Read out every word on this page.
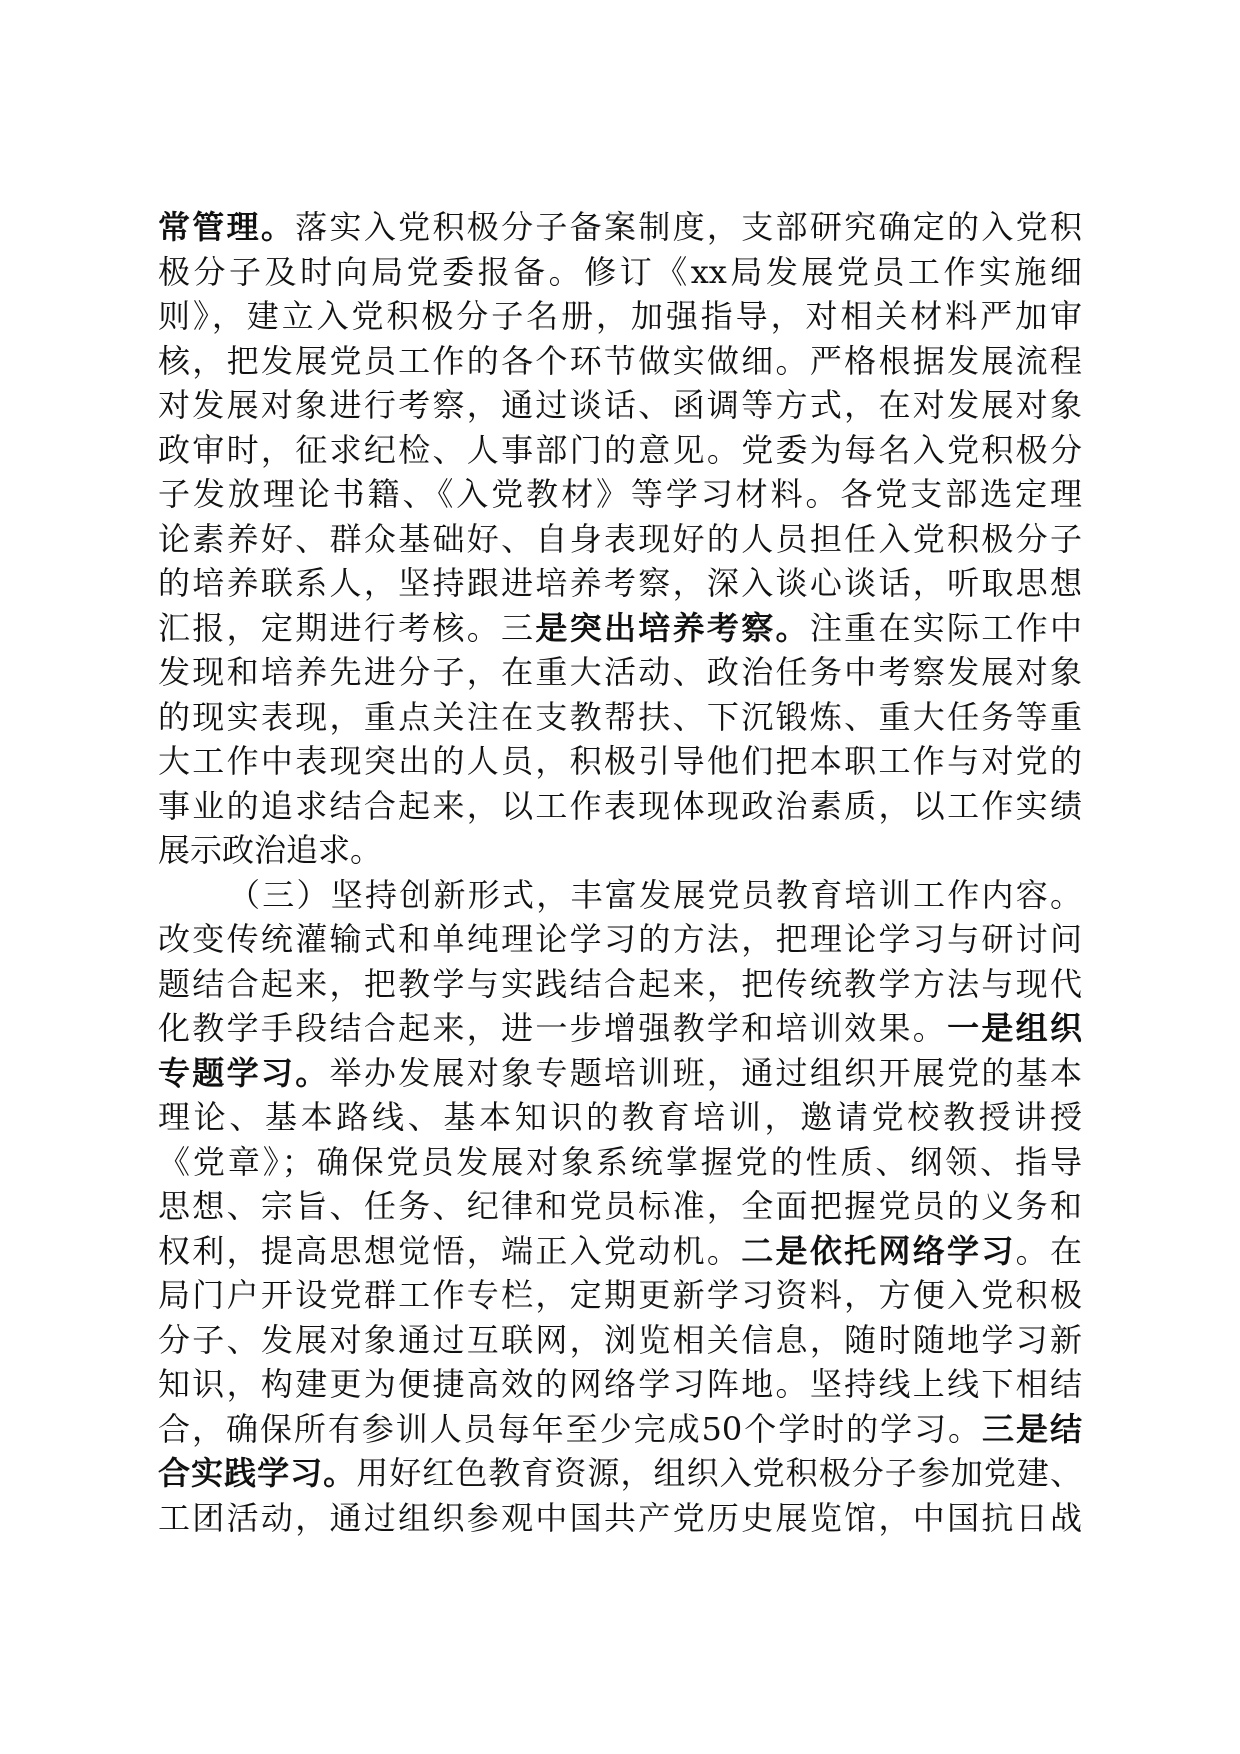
常管理。落实入党积极分子备案制度，支部研究确定的入党积
极分子及时向局党委报备。修订《xx局发展党员工作实施细
则》，建立入党积极分子名册，加强指导，对相关材料严加审
核，把发展党员工作的各个环节做实做细。严格根据发展流程
对发展对象进行考察，通过谈话、函调等方式，在对发展对象
政审时，征求纪检、人事部门的意见。党委为每名入党积极分
子发放理论书籍、《入党教材》等学习材料。各党支部选定理
论素养好、群众基础好、自身表现好的人员担任入党积极分子
的培养联系人，坚持跟进培养考察，深入谈心谈话，听取思想
汇报，定期进行考核。三是突出培养考察。注重在实际工作中
发现和培养先进分子，在重大活动、政治任务中考察发展对象
的现实表现，重点关注在支教帮扶、下沉锻炼、重大任务等重
大工作中表现突出的人员，积极引导他们把本职工作与对党的
事业的追求结合起来，以工作表现体现政治素质，以工作实绩
展示政治追求。
（三）坚持创新形式，丰富发展党员教育培训工作内容。
改变传统灌输式和单纯理论学习的方法，把理论学习与研讨问
题结合起来，把教学与实践结合起来，把传统教学方法与现代
化教学手段结合起来，进一步增强教学和培训效果。一是组织
专题学习。举办发展对象专题培训班，通过组织开展党的基本
理论、基本路线、基本知识的教育培训，邀请党校教授讲授
《党章》；确保党员发展对象系统掌握党的性质、纲领、指导
思想、宗旨、任务、纪律和党员标准，全面把握党员的义务和
权利，提高思想觉悟，端正入党动机。二是依托网络学习。在
局门户开设党群工作专栏，定期更新学习资料，方便入党积极
分子、发展对象通过互联网，浏览相关信息，随时随地学习新
知识，构建更为便捷高效的网络学习阵地。坚持线上线下相结
合，确保所有参训人员每年至少完成50个学时的学习。三是结
合实践学习。用好红色教育资源，组织入党积极分子参加党建、
工团活动，通过组织参观中国共产党历史展览馆，中国抗日战
